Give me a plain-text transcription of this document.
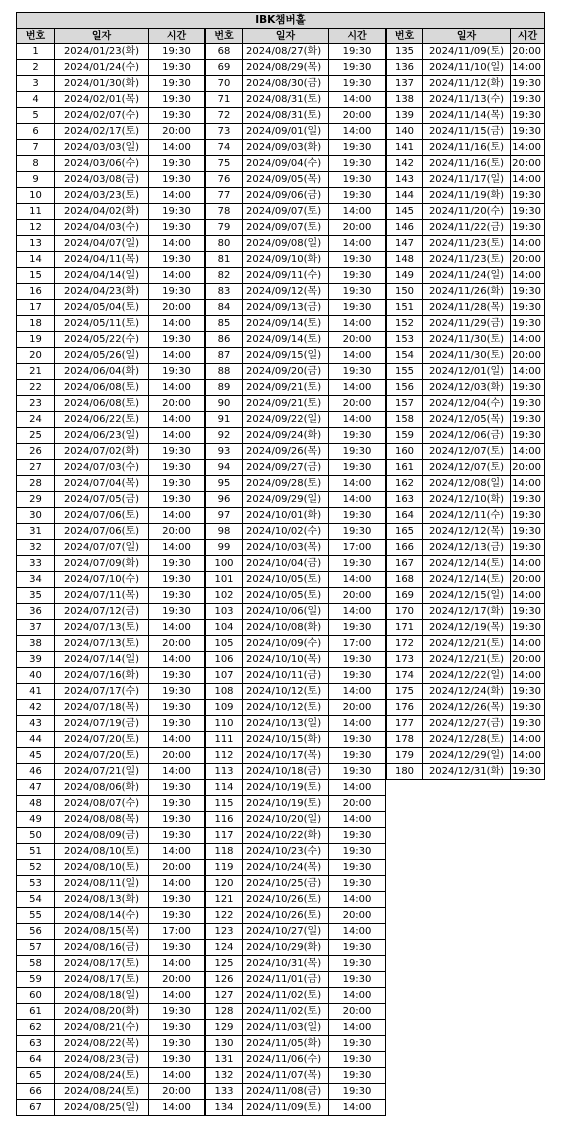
IBK챔버홀
번호	일자	시간
1	2024/01/23(화)	19:30
2	2024/01/24(수)	19:30
3	2024/01/30(화)	19:30
4	2024/02/01(목)	19:30
5	2024/02/07(수)	19:30
6	2024/02/17(토)	20:00
7	2024/03/03(일)	14:00
8	2024/03/06(수)	19:30
9	2024/03/08(금)	19:30
10	2024/03/23(토)	14:00
11	2024/04/02(화)	19:30
12	2024/04/03(수)	19:30
13	2024/04/07(일)	14:00
14	2024/04/11(목)	19:30
15	2024/04/14(일)	14:00
16	2024/04/23(화)	19:30
17	2024/05/04(토)	20:00
18	2024/05/11(토)	14:00
19	2024/05/22(수)	19:30
20	2024/05/26(일)	14:00
21	2024/06/04(화)	19:30
22	2024/06/08(토)	14:00
23	2024/06/08(토)	20:00
24	2024/06/22(토)	14:00
25	2024/06/23(일)	14:00
26	2024/07/02(화)	19:30
27	2024/07/03(수)	19:30
28	2024/07/04(목)	19:30
29	2024/07/05(금)	19:30
30	2024/07/06(토)	14:00
31	2024/07/06(토)	20:00
32	2024/07/07(일)	14:00
33	2024/07/09(화)	19:30
34	2024/07/10(수)	19:30
35	2024/07/11(목)	19:30
36	2024/07/12(금)	19:30
37	2024/07/13(토)	14:00
38	2024/07/13(토)	20:00
39	2024/07/14(일)	14:00
40	2024/07/16(화)	19:30
41	2024/07/17(수)	19:30
42	2024/07/18(목)	19:30
43	2024/07/19(금)	19:30
44	2024/07/20(토)	14:00
45	2024/07/20(토)	20:00
46	2024/07/21(일)	14:00
47	2024/08/06(화)	19:30
48	2024/08/07(수)	19:30
49	2024/08/08(목)	19:30
50	2024/08/09(금)	19:30
51	2024/08/10(토)	14:00
52	2024/08/10(토)	20:00
53	2024/08/11(일)	14:00
54	2024/08/13(화)	19:30
55	2024/08/14(수)	19:30
56	2024/08/15(목)	17:00
57	2024/08/16(금)	19:30
58	2024/08/17(토)	14:00
59	2024/08/17(토)	20:00
60	2024/08/18(일)	14:00
61	2024/08/20(화)	19:30
62	2024/08/21(수)	19:30
63	2024/08/22(목)	19:30
64	2024/08/23(금)	19:30
65	2024/08/24(토)	14:00
66	2024/08/24(토)	20:00
67	2024/08/25(일)	14:00
번호	일자	시간
68	2024/08/27(화)	19:30
69	2024/08/29(목)	19:30
70	2024/08/30(금)	19:30
71	2024/08/31(토)	14:00
72	2024/08/31(토)	20:00
73	2024/09/01(일)	14:00
74	2024/09/03(화)	19:30
75	2024/09/04(수)	19:30
76	2024/09/05(목)	19:30
77	2024/09/06(금)	19:30
78	2024/09/07(토)	14:00
79	2024/09/07(토)	20:00
80	2024/09/08(일)	14:00
81	2024/09/10(화)	19:30
82	2024/09/11(수)	19:30
83	2024/09/12(목)	19:30
84	2024/09/13(금)	19:30
85	2024/09/14(토)	14:00
86	2024/09/14(토)	20:00
87	2024/09/15(일)	14:00
88	2024/09/20(금)	19:30
89	2024/09/21(토)	14:00
90	2024/09/21(토)	20:00
91	2024/09/22(일)	14:00
92	2024/09/24(화)	19:30
93	2024/09/26(목)	19:30
94	2024/09/27(금)	19:30
95	2024/09/28(토)	14:00
96	2024/09/29(일)	14:00
97	2024/10/01(화)	19:30
98	2024/10/02(수)	19:30
99	2024/10/03(목)	17:00
100	2024/10/04(금)	19:30
101	2024/10/05(토)	14:00
102	2024/10/05(토)	20:00
103	2024/10/06(일)	14:00
104	2024/10/08(화)	19:30
105	2024/10/09(수)	17:00
106	2024/10/10(목)	19:30
107	2024/10/11(금)	19:30
108	2024/10/12(토)	14:00
109	2024/10/12(토)	20:00
110	2024/10/13(일)	14:00
111	2024/10/15(화)	19:30
112	2024/10/17(목)	19:30
113	2024/10/18(금)	19:30
114	2024/10/19(토)	14:00
115	2024/10/19(토)	20:00
116	2024/10/20(일)	14:00
117	2024/10/22(화)	19:30
118	2024/10/23(수)	19:30
119	2024/10/24(목)	19:30
120	2024/10/25(금)	19:30
121	2024/10/26(토)	14:00
122	2024/10/26(토)	20:00
123	2024/10/27(일)	14:00
124	2024/10/29(화)	19:30
125	2024/10/31(목)	19:30
126	2024/11/01(금)	19:30
127	2024/11/02(토)	14:00
128	2024/11/02(토)	20:00
129	2024/11/03(일)	14:00
130	2024/11/05(화)	19:30
131	2024/11/06(수)	19:30
132	2024/11/07(목)	19:30
133	2024/11/08(금)	19:30
134	2024/11/09(토)	14:00
번호	일자	시간
135	2024/11/09(토) 20:00
136	2024/11/10(일) 14:00
137	2024/11/12(화) 19:30
138	2024/11/13(수) 19:30
139	2024/11/14(목) 19:30
140	2024/11/15(금) 19:30
141	2024/11/16(토) 14:00
142	2024/11/16(토) 20:00
143	2024/11/17(일) 14:00
144	2024/11/19(화) 19:30
145	2024/11/20(수) 19:30
146	2024/11/22(금) 19:30
147	2024/11/23(토) 14:00
148	2024/11/23(토) 20:00
149	2024/11/24(일) 14:00
150	2024/11/26(화) 19:30
151	2024/11/28(목) 19:30
152	2024/11/29(금) 19:30
153	2024/11/30(토) 14:00
154	2024/11/30(토) 20:00
155	2024/12/01(일) 14:00
156	2024/12/03(화) 19:30
157	2024/12/04(수) 19:30
158	2024/12/05(목) 19:30
159	2024/12/06(금) 19:30
160	2024/12/07(토) 14:00
161	2024/12/07(토) 20:00
162	2024/12/08(일) 14:00
163	2024/12/10(화) 19:30
164	2024/12/11(수) 19:30
165	2024/12/12(목) 19:30
166	2024/12/13(금) 19:30
167	2024/12/14(토) 14:00
168	2024/12/14(토) 20:00
169	2024/12/15(일) 14:00
170	2024/12/17(화) 19:30
171	2024/12/19(목) 19:30
172	2024/12/21(토) 14:00
173	2024/12/21(토) 20:00
174	2024/12/22(일) 14:00
175	2024/12/24(화) 19:30
176	2024/12/26(목) 19:30
177	2024/12/27(금) 19:30
178	2024/12/28(토) 14:00
179	2024/12/29(일) 14:00
180	2024/12/31(화) 19:30
